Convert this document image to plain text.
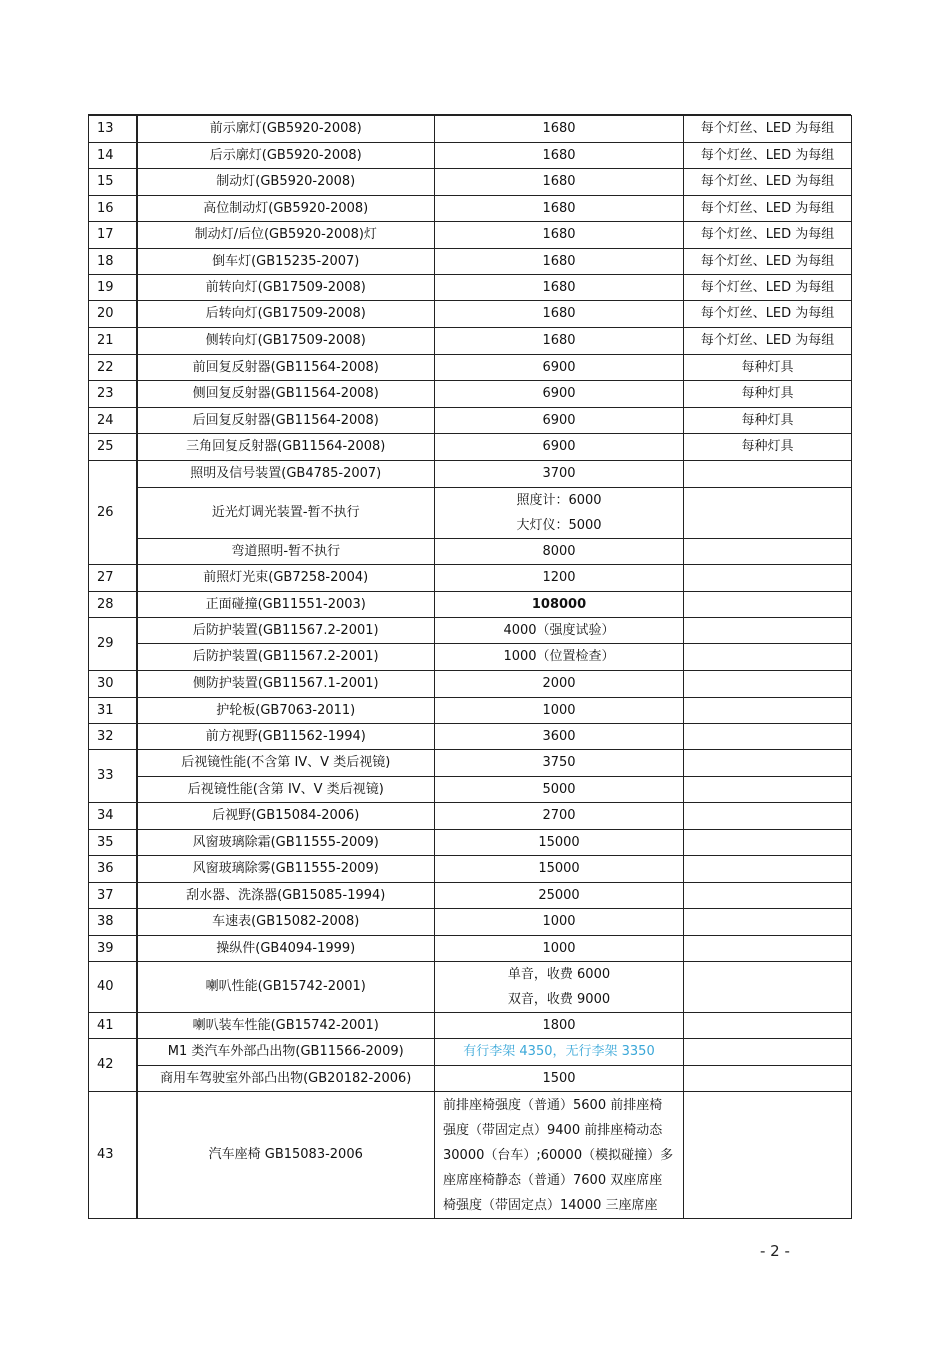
13	前示廓灯(GB5920-2008)	1680	每个灯丝、LED 为每组
14	后示廓灯(GB5920-2008)	1680	每个灯丝、LED 为每组
15	制动灯(GB5920-2008)	1680	每个灯丝、LED 为每组
16	高位制动灯(GB5920-2008)	1680	每个灯丝、LED 为每组
17	制动灯/后位(GB5920-2008)灯	1680	每个灯丝、LED 为每组
18	倒车灯(GB15235-2007)	1680	每个灯丝、LED 为每组
19	前转向灯(GB17509-2008)	1680	每个灯丝、LED 为每组
20	后转向灯(GB17509-2008)	1680	每个灯丝、LED 为每组
21	侧转向灯(GB17509-2008)	1680	每个灯丝、LED 为每组
22	前回复反射器(GB11564-2008)	6900	每种灯具
23	侧回复反射器(GB11564-2008)	6900	每种灯具
24	后回复反射器(GB11564-2008)	6900	每种灯具
25	三角回复反射器(GB11564-2008)	6900	每种灯具
26	照明及信号装置(GB4785-2007)	3700	
	近光灯调光装置-暂不执行	照度计：6000
大灯仪：5000	

	弯道照明-暂不执行	8000	
27	前照灯光束(GB7258-2004)	1200	
28	正面碰撞(GB11551-2003)	108000	
29	后防护装置(GB11567.2-2001)	4000（强度试验）	
	后防护装置(GB11567.2-2001)	1000（位置检查）	
30	侧防护装置(GB11567.1-2001)	2000	
31	护轮板(GB7063-2011)	1000	
32	前方视野(GB11562-1994)	3600	
33	后视镜性能(不含第 IV、V 类后视镜)	3750	
	后视镜性能(含第 IV、V 类后视镜)	5000	
34	后视野(GB15084-2006)	2700	
35	风窗玻璃除霜(GB11555-2009)	15000	
36	风窗玻璃除雾(GB11555-2009)	15000	
37	刮水器、洗涤器(GB15085-1994)	25000	
38	车速表(GB15082-2008)	1000	
39	操纵件(GB4094-1999)	1000	
40	喇叭性能(GB15742-2001)	单音，收费 6000
双音，收费 9000	

41	喇叭装车性能(GB15742-2001)	1800	
42	M1 类汽车外部凸出物(GB11566-2009)	有行李架 4350，无行李架 3350	
	商用车驾驶室外部凸出物(GB20182-2006)	1500	
43	汽车座椅 GB15083-2006	前排座椅强度（普通）5600 前排座椅
强度（带固定点）9400 前排座椅动态
30000（台车）;60000（模拟碰撞）多
座席座椅静态（普通）7600 双座席座
椅强度（带固定点）14000 三座席座	

- 2 -
